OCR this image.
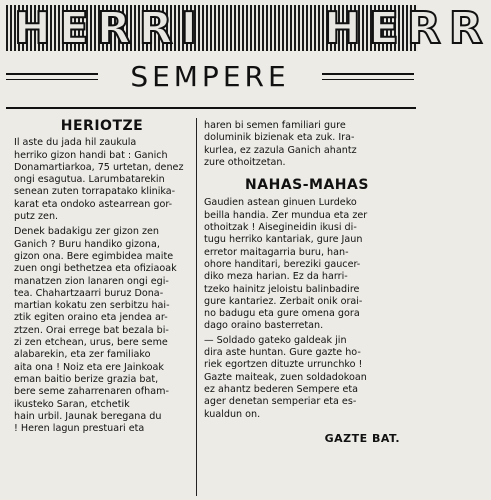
HERRI	HERR
SEMPERE
HERIOTZE

Il aste du jada hil zaukula

herriko gizon handi bat : Ganich

Donamartiarkoa, 75 urtetan, denez

ongi esagutua. Larumbatarekin

senean zuten torrapatako klinika-

karat eta ondoko astearrean gor-

putz zen.

Denek badakigu zer gizon zen

Ganich ? Buru handiko gizona,

gizon ona. Bere egimbidea maite

zuen ongi bethetzea eta ofiziaoak

manatzen zion lanaren ongi egi-

tea. Chahartzaarri buruz Dona-

martian kokatu zen serbitzu hai-

ztik egiten oraino eta jendea ar-

ztzen. Orai errege bat bezala bi-

zi zen etchean, urus, bere seme

alabarekin, eta zer familiako

aita ona ! Noiz eta ere Jainkoak

eman baitio berize grazia bat,

bere seme zaharrenaren ofham-

ikusteko Saran, etchetik

hain urbil. Jaunak beregana du

! Heren lagun prestuari eta

haren bi semen familiari gure

doluminik bizienak eta zuk. Ira-

kurlea, ez zazula Ganich ahantz

zure othoitzetan.

NAHAS-MAHAS

Gaudien astean ginuen Lurdeko

beilla handia. Zer mundua eta zer

othoitzak ! Aisegineidin ikusi di-

tugu herriko kantariak, gure Jaun

erretor maitagarria buru, han-

ohore handitari, bereziki gaucer-

diko meza harian. Ez da harri-

tzeko hainitz jeloistu balinbadire

gure kantariez. Zerbait onik orai-

no badugu eta gure omena gora

dago oraino basterretan.

— Soldado gateko galdeak jin

dira aste huntan. Gure gazte ho-

riek egortzen dituzte urrunchko !

Gazte maiteak, zuen soldadokoan

ez ahantz bederen Sempere eta

ager denetan semperiar eta es-

kualdun on.

GAZTE BAT.
